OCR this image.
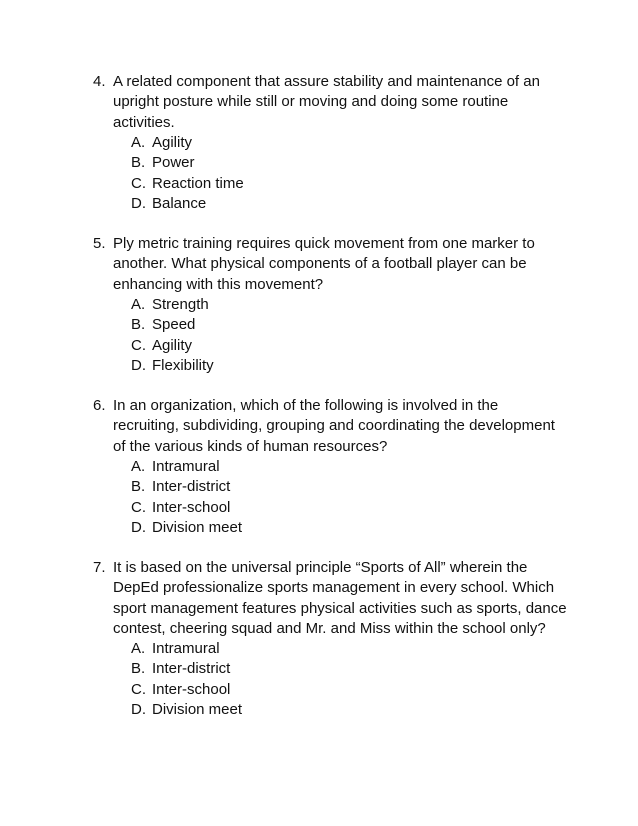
4. A related component that assure stability and maintenance of an
upright posture while still or moving and doing some routine
activities.
A. Agility
B. Power
C. Reaction time
D. Balance
5. Ply metric training requires quick movement from one marker to
another. What physical components of a football player can be
enhancing with this movement?
A. Strength
B. Speed
C. Agility
D. Flexibility
6. In an organization, which of the following is involved in the
recruiting, subdividing, grouping and coordinating the development
of the various kinds of human resources?
A. Intramural
B. Inter-district
C. Inter-school
D. Division meet
7. It is based on the universal principle “Sports of All” wherein the
DepEd professionalize sports management in every school. Which
sport management features physical activities such as sports, dance
contest, cheering squad and Mr. and Miss within the school only?
A. Intramural
B. Inter-district
C. Inter-school
D. Division meet
